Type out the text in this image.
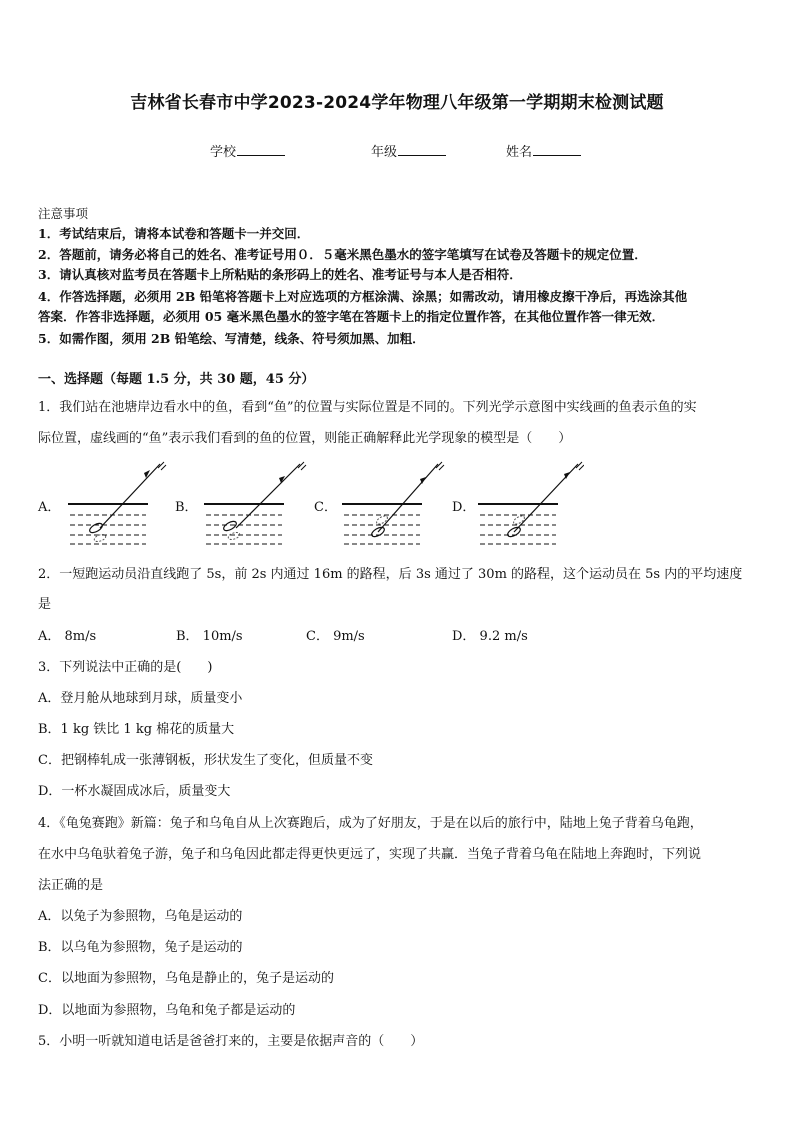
吉林省长春市中学2023-2024学年物理八年级第一学期期末检测试题
学校	年级	姓名
注意事项
1．考试结束后，请将本试卷和答题卡一并交回．
2．答题前，请务必将自己的姓名、准考证号用０．５毫米黑色墨水的签字笔填写在试卷及答题卡的规定位置．
3．请认真核对监考员在答题卡上所粘贴的条形码上的姓名、准考证号与本人是否相符．
4．作答选择题，必须用 2B 铅笔将答题卡上对应选项的方框涂满、涂黑；如需改动，请用橡皮擦干净后，再选涂其他
答案．作答非选择题，必须用 05 毫米黑色墨水的签字笔在答题卡上的指定位置作答，在其他位置作答一律无效．
5．如需作图，须用 2B 铅笔绘、写清楚，线条、符号须加黑、加粗．
一、选择题（每题 1.5 分，共 30 题，45 分）
1．我们站在池塘岸边看水中的鱼，看到“鱼”的位置与实际位置是不同的。下列光学示意图中实线画的鱼表示鱼的实
际位置，虚线画的“鱼”表示我们看到的鱼的位置，则能正确解释此光学现象的模型是（　　）
A．	B．	C．	D．
2．一短跑运动员沿直线跑了 5s，前 2s 内通过 16m 的路程，后 3s 通过了 30m 的路程，这个运动员在 5s 内的平均速度
是
A． 8m/s	B． 10m/s	C． 9m/s	D． 9.2 m/s
3．下列说法中正确的是(　　)
A．登月舱从地球到月球，质量变小
B．1 kg 铁比 1 kg 棉花的质量大
C．把钢棒轧成一张薄钢板，形状发生了变化，但质量不变
D．一杯水凝固成冰后，质量变大
4．《龟兔赛跑》新篇：兔子和乌龟自从上次赛跑后，成为了好朋友，于是在以后的旅行中，陆地上兔子背着乌龟跑，
在水中乌龟驮着兔子游，兔子和乌龟因此都走得更快更远了，实现了共赢．当兔子背着乌龟在陆地上奔跑时，下列说
法正确的是
A．以兔子为参照物，乌龟是运动的
B．以乌龟为参照物，兔子是运动的
C．以地面为参照物，乌龟是静止的，兔子是运动的
D．以地面为参照物，乌龟和兔子都是运动的
5．小明一听就知道电话是爸爸打来的，主要是依据声音的（　　）
